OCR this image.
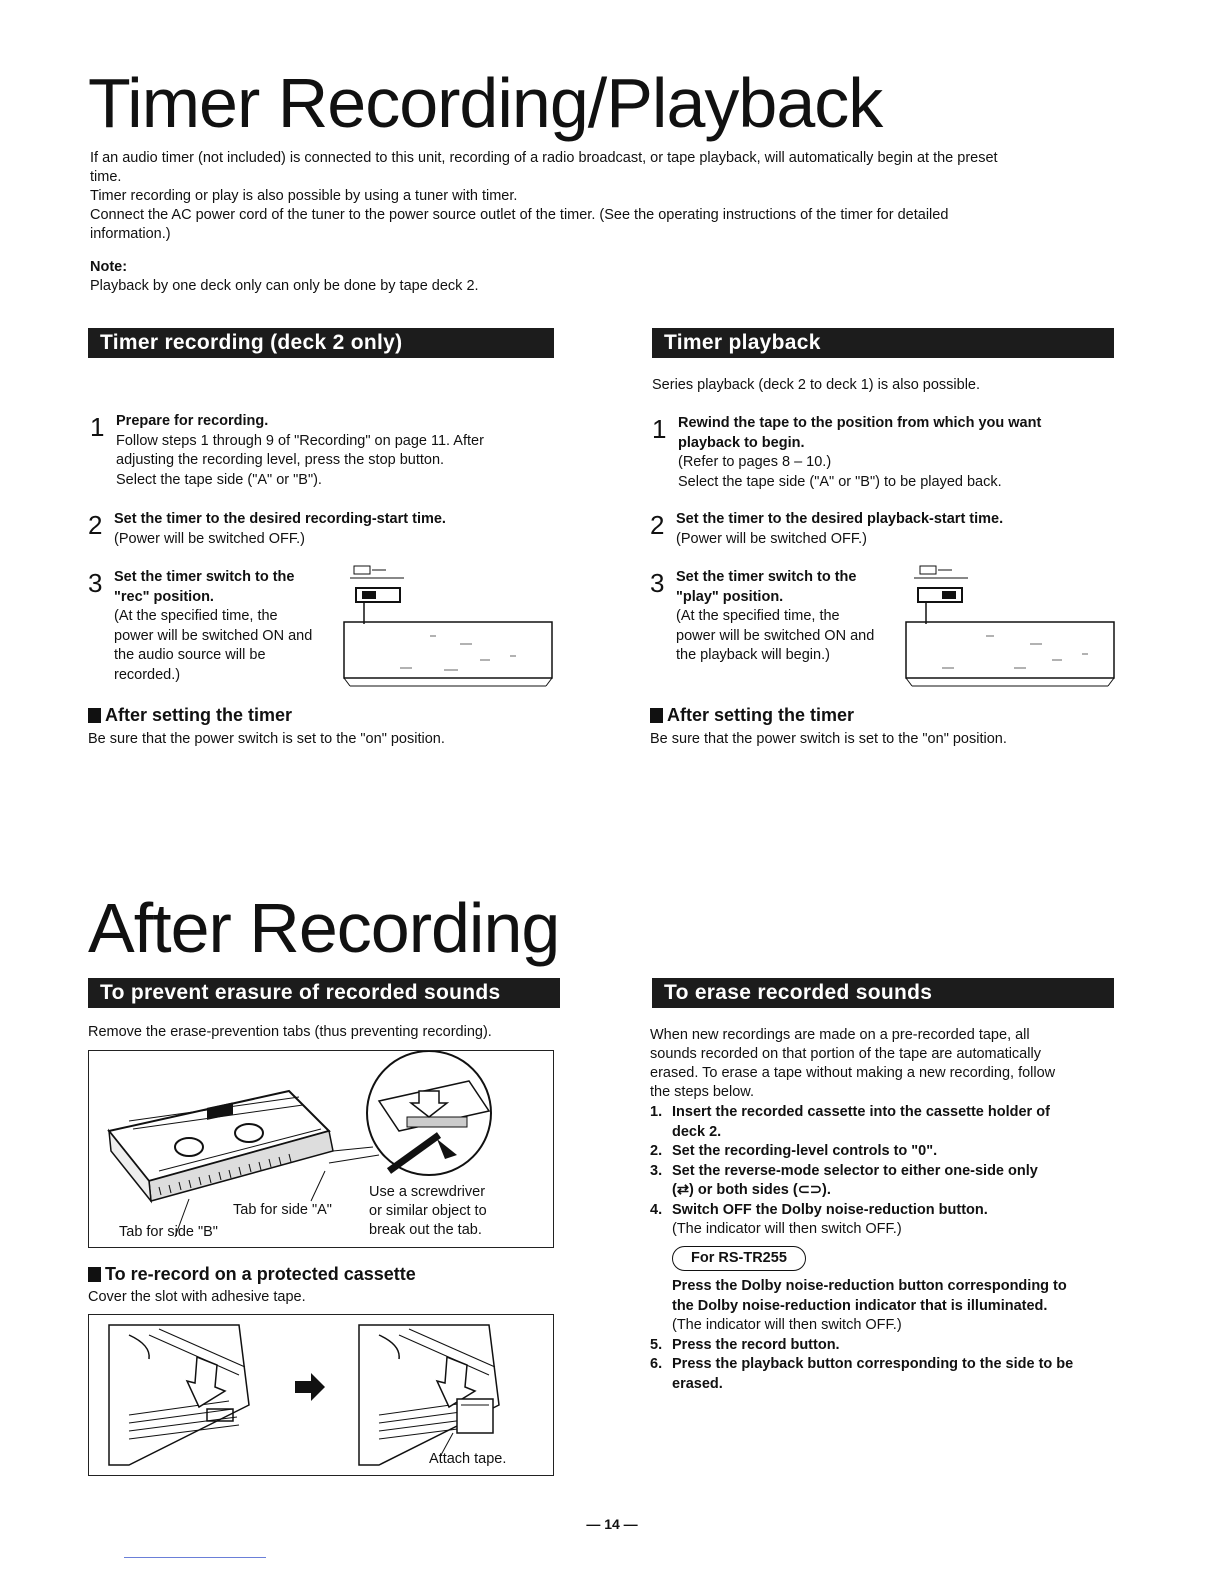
Timer Recording/Playback

If an audio timer (not included) is connected to this unit, recording of a radio broadcast, or tape playback, will automatically begin at the preset

time.

Timer recording or play is also possible by using a tuner with timer.

Connect the AC power cord of the tuner to the power source outlet of the timer. (See the operating instructions of the timer for detailed

information.)

Note:

Playback by one deck only can only be done by tape deck 2.

Timer recording (deck 2 only)
1 Prepare for recording.
Follow steps 1 through 9 of "Recording" on page 11. After
adjusting the recording level, press the stop button.
Select the tape side ("A" or "B").
2 Set the timer to the desired recording-start time.
(Power will be switched OFF.)
3 Set the timer switch to the
"rec" position.
(At the specified time, the
power will be switched ON and
the audio source will be
recorded.)
After setting the timer

Be sure that the power switch is set to the "on" position.

Timer playback

Series playback (deck 2 to deck 1) is also possible.

1 Rewind the tape to the position from which you want
playback to begin.
(Refer to pages 8 – 10.)
Select the tape side ("A" or "B") to be played back.
2 Set the timer to the desired playback-start time.
(Power will be switched OFF.)
3 Set the timer switch to the
"play" position.
(At the specified time, the
power will be switched ON and
the playback will begin.)
After setting the timer

Be sure that the power switch is set to the "on" position.

After Recording
To prevent erasure of recorded sounds

Remove the erase-prevention tabs (thus preventing recording).

Use a screwdriver
or similar object to
break out the tab.
Tab for side "A"
Tab for side "B"
To re-record on a protected cassette

Cover the slot with adhesive tape.

Attach tape.
To erase recorded sounds

When new recordings are made on a pre-recorded tape, all

sounds recorded on that portion of the tape are automatically

erased. To erase a tape without making a new recording, follow

the steps below.

1. Insert the recorded cassette into the cassette holder of
deck 2.
2. Set the recording-level controls to "0".
3. Set the reverse-mode selector to either one-side only
(⇄) or both sides (⊂⊃).
4. Switch OFF the Dolby noise-reduction button.
(The indicator will then switch OFF.)
For RS-TR255
Press the Dolby noise-reduction button corresponding to
the Dolby noise-reduction indicator that is illuminated.
(The indicator will then switch OFF.)
5. Press the record button.
6. Press the playback button corresponding to the side to be
erased.
— 14 —
